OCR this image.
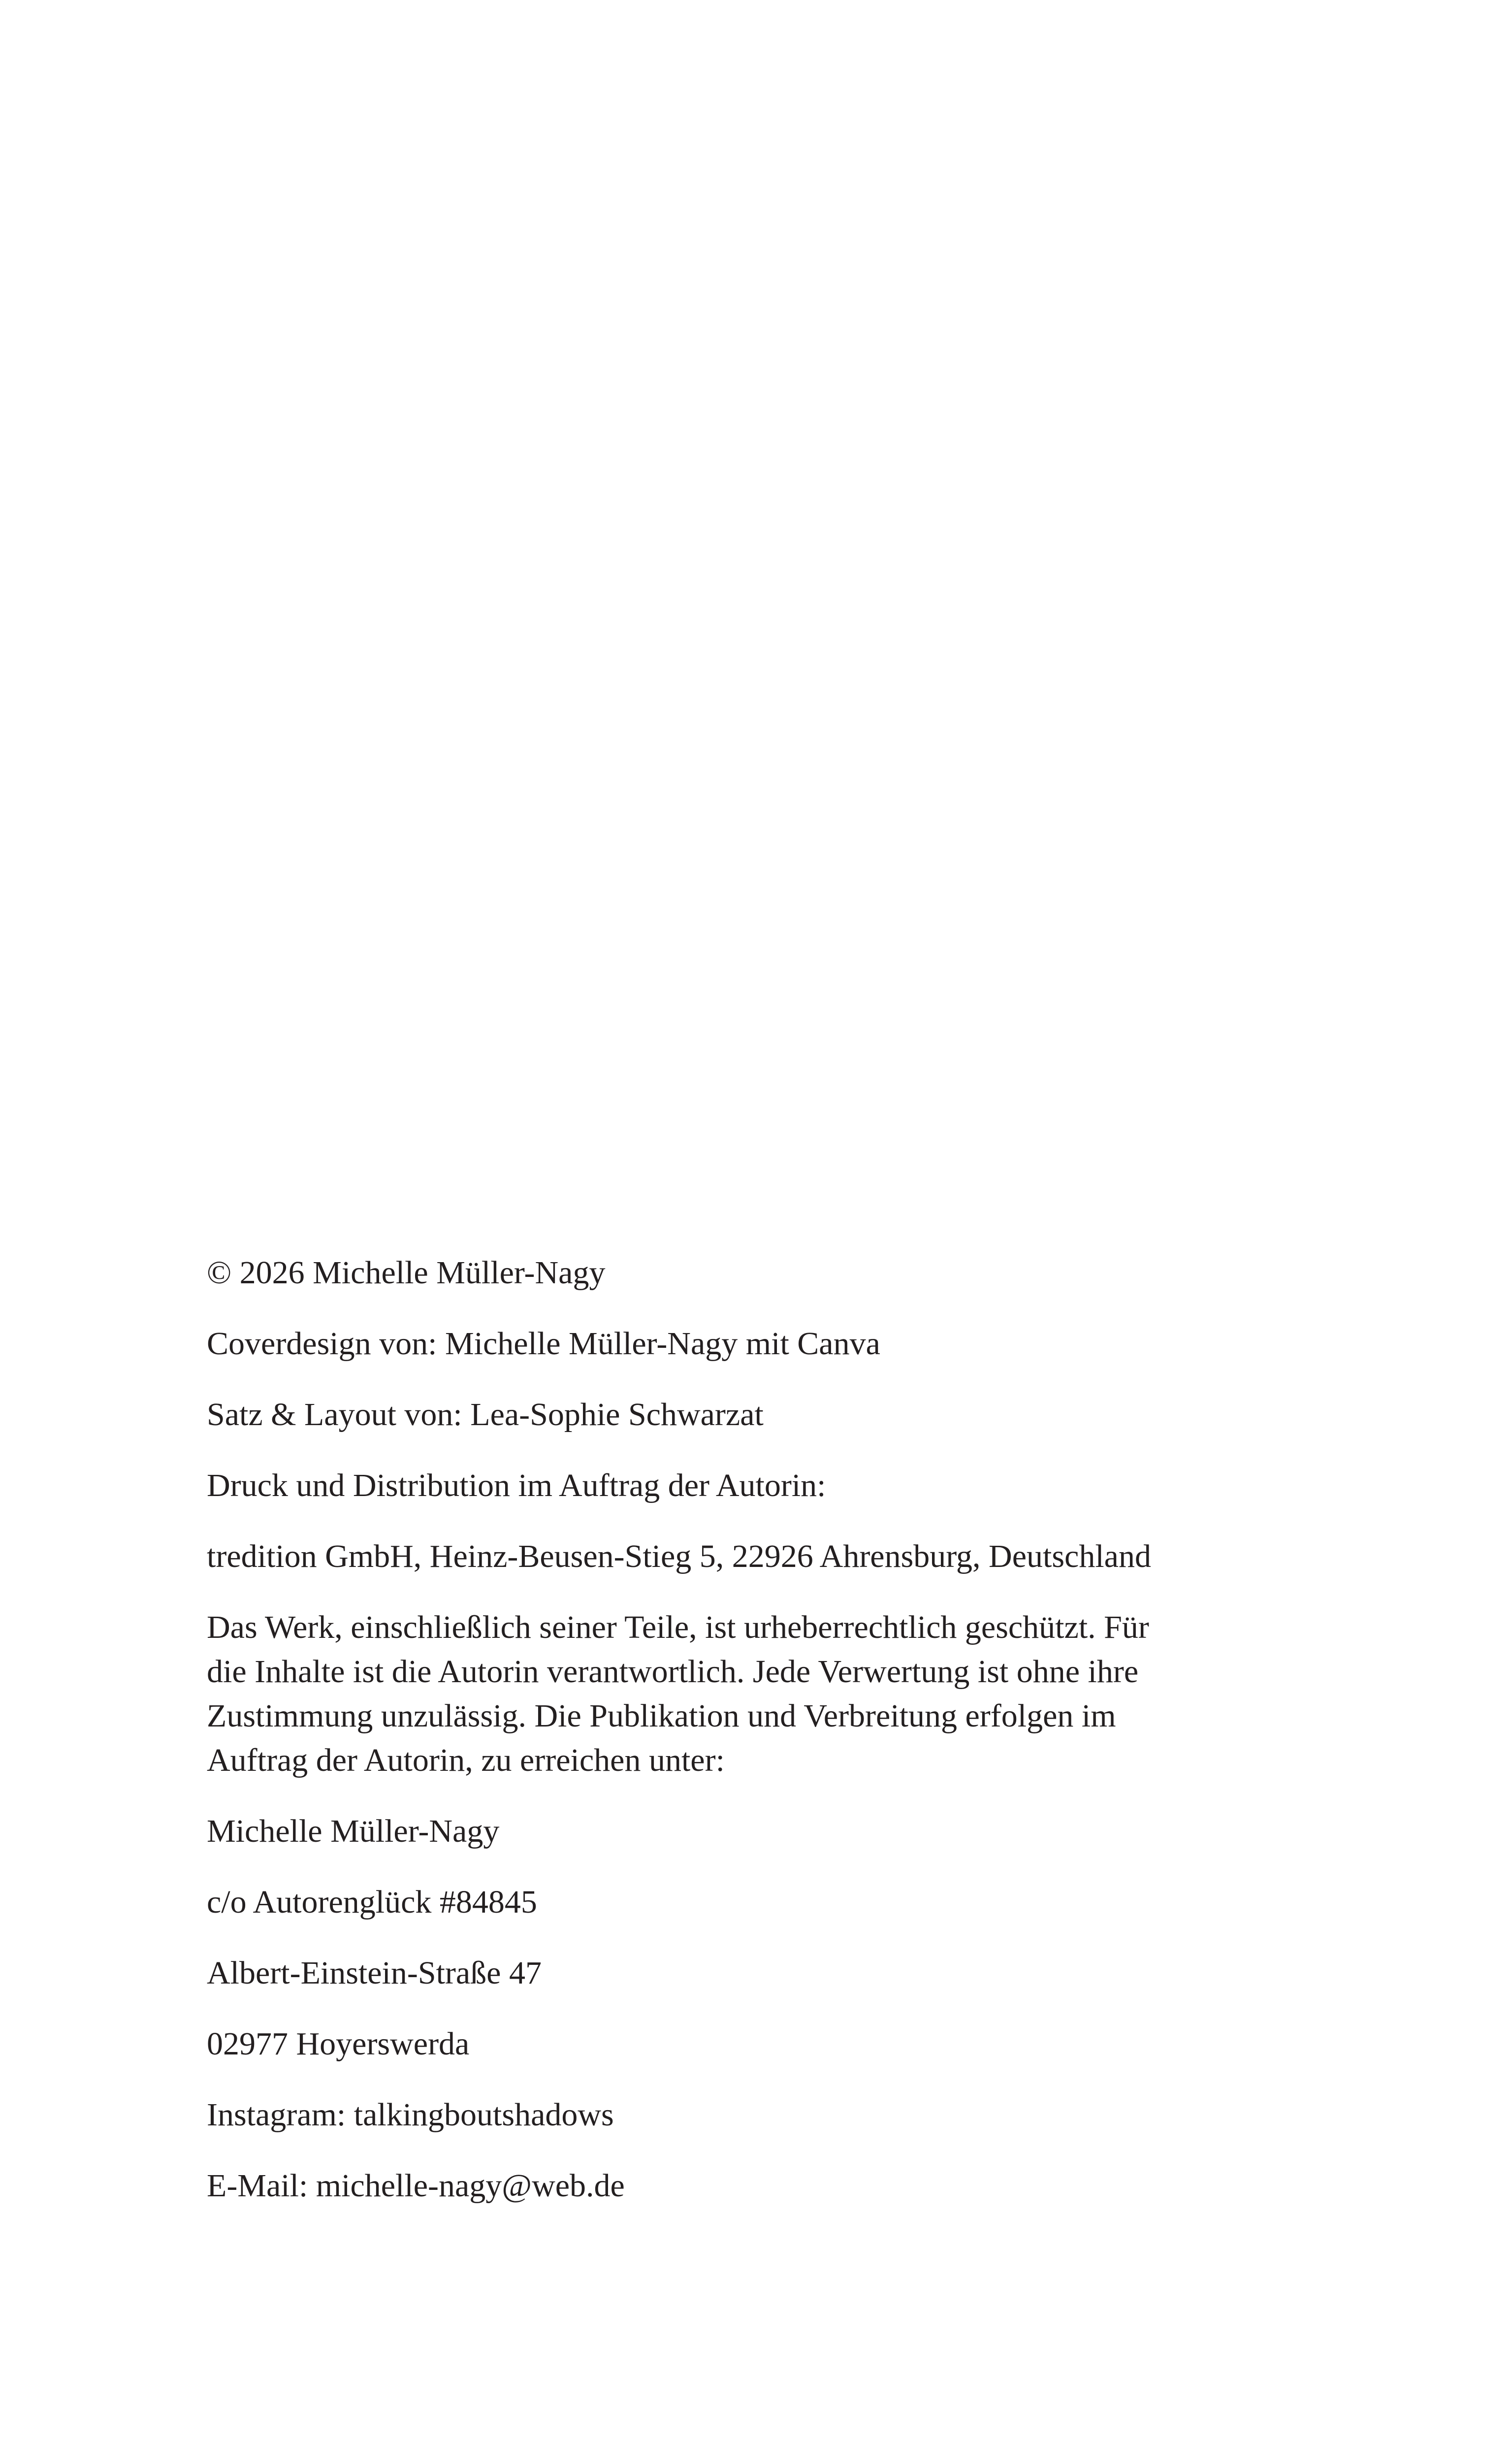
© 2026 Michelle Müller-Nagy

Coverdesign von: Michelle Müller-Nagy mit Canva

Satz & Layout von: Lea-Sophie Schwarzat

Druck und Distribution im Auftrag der Autorin:

tredition GmbH, Heinz-Beusen-Stieg 5, 22926 Ahrensburg, Deutschland

Das Werk, einschließlich seiner Teile, ist urheberrechtlich geschützt. Für
die Inhalte ist die Autorin verantwortlich. Jede Verwertung ist ohne ihre
Zustimmung unzulässig. Die Publikation und Verbreitung erfolgen im
Auftrag der Autorin, zu erreichen unter:

Michelle Müller-Nagy

c/o Autorenglück #84845

Albert-Einstein-Straße 47

02977 Hoyerswerda

Instagram: talkingboutshadows

E-Mail: michelle-nagy@web.de
